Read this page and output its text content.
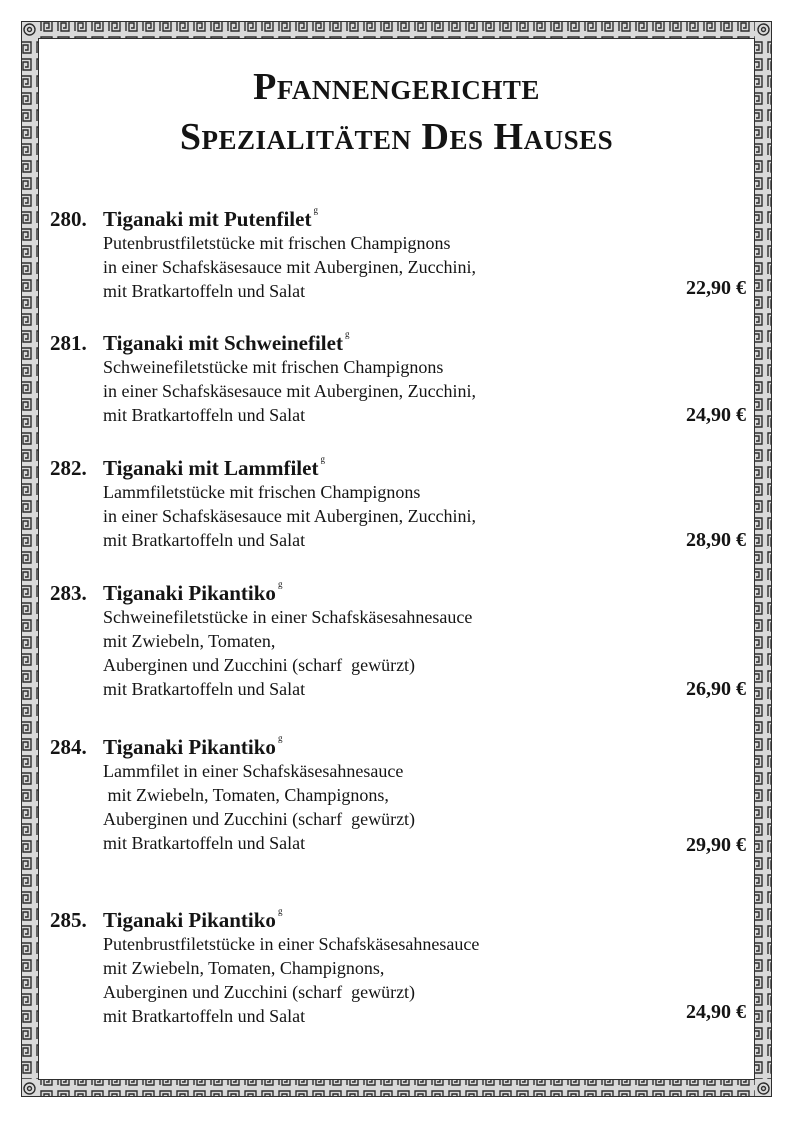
Pfannengerichte
Spezialitäten Des Hauses
280. Tiganaki mit Putenfilet $^g$
Putenbrustfiletstücke mit frischen Champignons
in einer Schafskäsesauce mit Auberginen, Zucchini,
mit Bratkartoffeln und Salat	22,90 €
281. Tiganaki mit Schweinefilet $^g$
Schweinefiletstücke mit frischen Champignons
in einer Schafskäsesauce mit Auberginen, Zucchini,
mit Bratkartoffeln und Salat	24,90 €
282. Tiganaki mit Lammfilet $^g$
Lammfiletstücke mit frischen Champignons
in einer Schafskäsesauce mit Auberginen, Zucchini,
mit Bratkartoffeln und Salat	28,90 €
283. Tiganaki Pikantiko $^g$
Schweinefiletstücke in einer Schafskäsesahnesauce
mit Zwiebeln, Tomaten,
Auberginen und Zucchini (scharf  gewürzt)
mit Bratkartoffeln und Salat	26,90 €
284. Tiganaki Pikantiko $^g$
Lammfilet in einer Schafskäsesahnesauce
mit Zwiebeln, Tomaten, Champignons,
Auberginen und Zucchini (scharf  gewürzt)
mit Bratkartoffeln und Salat	29,90 €
285. Tiganaki Pikantiko $^g$
Putenbrustfiletstücke in einer Schafskäsesahnesauce
mit Zwiebeln, Tomaten, Champignons,
Auberginen und Zucchini (scharf  gewürzt)
mit Bratkartoffeln und Salat	24,90 €
